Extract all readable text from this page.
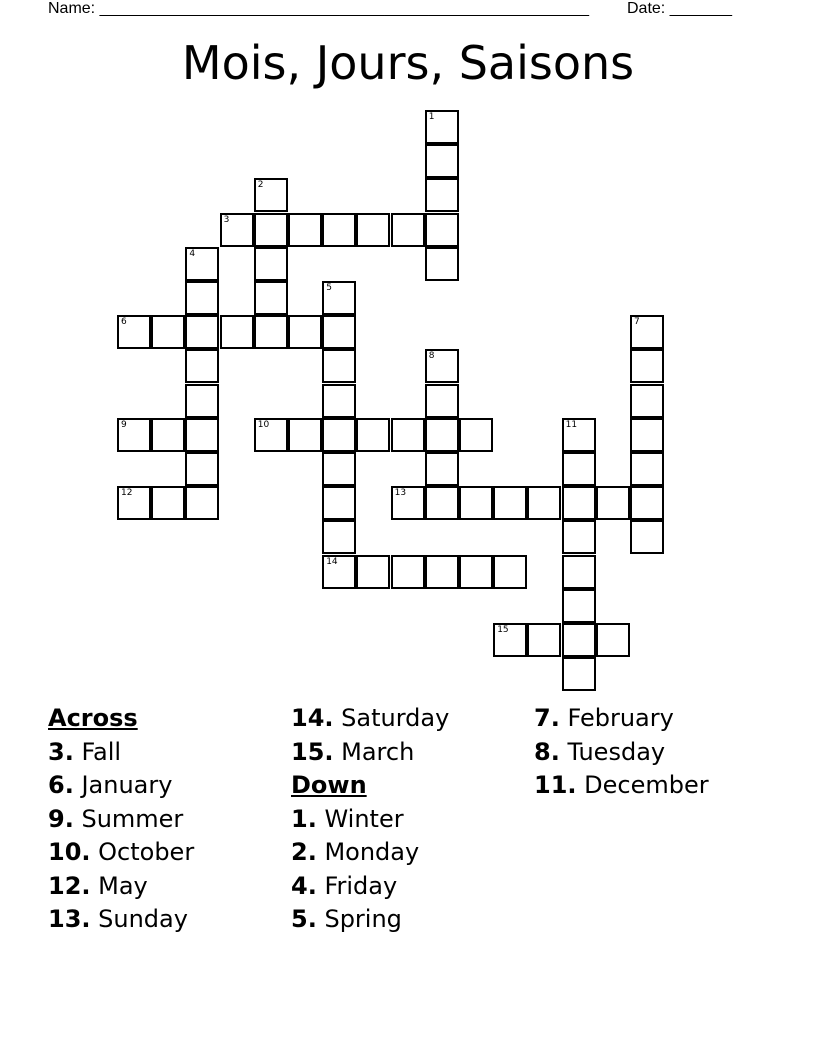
Name: _______________________________________________________ Date: _______
Mois, Jours, Saisons
1
2
3
4
5
14
6	7
8
9	10	11
12	13
15
Across
3. Fall
6. January
9. Summer
10. October
12. May
13. Sunday
14. Saturday
15. March
Down
1. Winter
2. Monday
4. Friday
5. Spring
7. February
8. Tuesday
11. December
